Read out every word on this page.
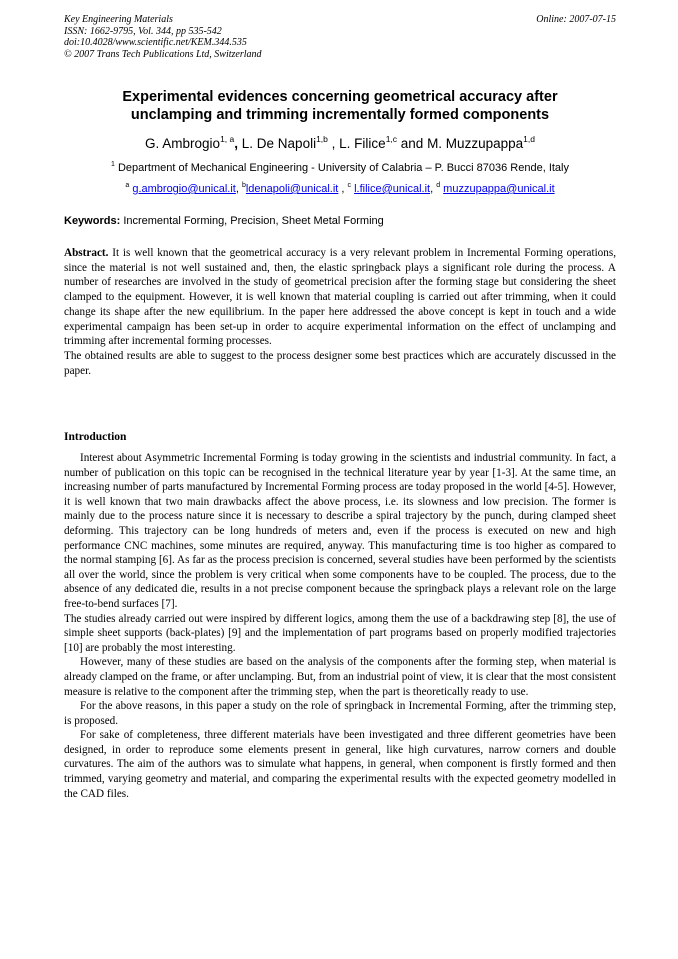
Key Engineering Materials
ISSN: 1662-9795, Vol. 344, pp 535-542
doi:10.4028/www.scientific.net/KEM.344.535
© 2007 Trans Tech Publications Ltd, Switzerland
Online: 2007-07-15
Experimental evidences concerning geometrical accuracy after
unclamping and trimming incrementally formed components
G. Ambrogio$^{1, a}$, L. De Napoli$^{1,b}$ , L. Filice$^{1,c}$ and M. Muzzupappa$^{1,d}$
$^1$ Department of Mechanical Engineering - University of Calabria – P. Bucci 87036 Rende, Italy
$^a$ g.ambrogio@unical.it, $^b$ldenapoli@unical.it , $^c$ l.filice@unical.it, $^d$ muzzupappa@unical.it
Keywords: Incremental Forming, Precision, Sheet Metal Forming

Abstract. It is well known that the geometrical accuracy is a very relevant problem in Incremental Forming operations, since the material is not well sustained and, then, the elastic springback plays a significant role during the process. A number of researches are involved in the study of geometrical precision after the forming stage but considering the sheet clamped to the equipment. However, it is well known that material coupling is carried out after trimming, when it could change its shape after the new equilibrium. In the paper here addressed the above concept is kept in touch and a wide experimental campaign has been set-up in order to acquire experimental information on the effect of unclamping and trimming after incremental forming processes.

The obtained results are able to suggest to the process designer some best practices which are accurately discussed in the paper.

Introduction

Interest about Asymmetric Incremental Forming is today growing in the scientists and industrial community. In fact, a number of publication on this topic can be recognised in the technical literature year by year [1-3]. At the same time, an increasing number of parts manufactured by Incremental Forming process are today proposed in the world [4-5]. However, it is well known that two main drawbacks affect the above process, i.e. its slowness and low precision. The former is mainly due to the process nature since it is necessary to describe a spiral trajectory by the punch, during clamped sheet deforming. This trajectory can be long hundreds of meters and, even if the process is executed on new and high performance CNC machines, some minutes are required, anyway. This manufacturing time is too higher as compared to the normal stamping [6]. As far as the process precision is concerned, several studies have been performed by the scientists all over the world, since the problem is very critical when some components have to be coupled. The process, due to the absence of any dedicated die, results in a not precise component because the springback plays a relevant role on the large free-to-bend surfaces [7].

The studies already carried out were inspired by different logics, among them the use of a backdrawing step [8], the use of simple sheet supports (back-plates) [9] and the implementation of part programs based on properly modified trajectories [10] are probably the most interesting.

However, many of these studies are based on the analysis of the components after the forming step, when material is already clamped on the frame, or after unclamping. But, from an industrial point of view, it is clear that the most consistent measure is relative to the component after the trimming step, when the part is theoretically ready to use.

For the above reasons, in this paper a study on the role of springback in Incremental Forming, after the trimming step, is proposed.

For sake of completeness, three different materials have been investigated and three different geometries have been designed, in order to reproduce some elements present in general, like high curvatures, narrow corners and double curvatures. The aim of the authors was to simulate what happens, in general, when component is firstly formed and then trimmed, varying geometry and material, and comparing the experimental results with the expected geometry modelled in the CAD files.
